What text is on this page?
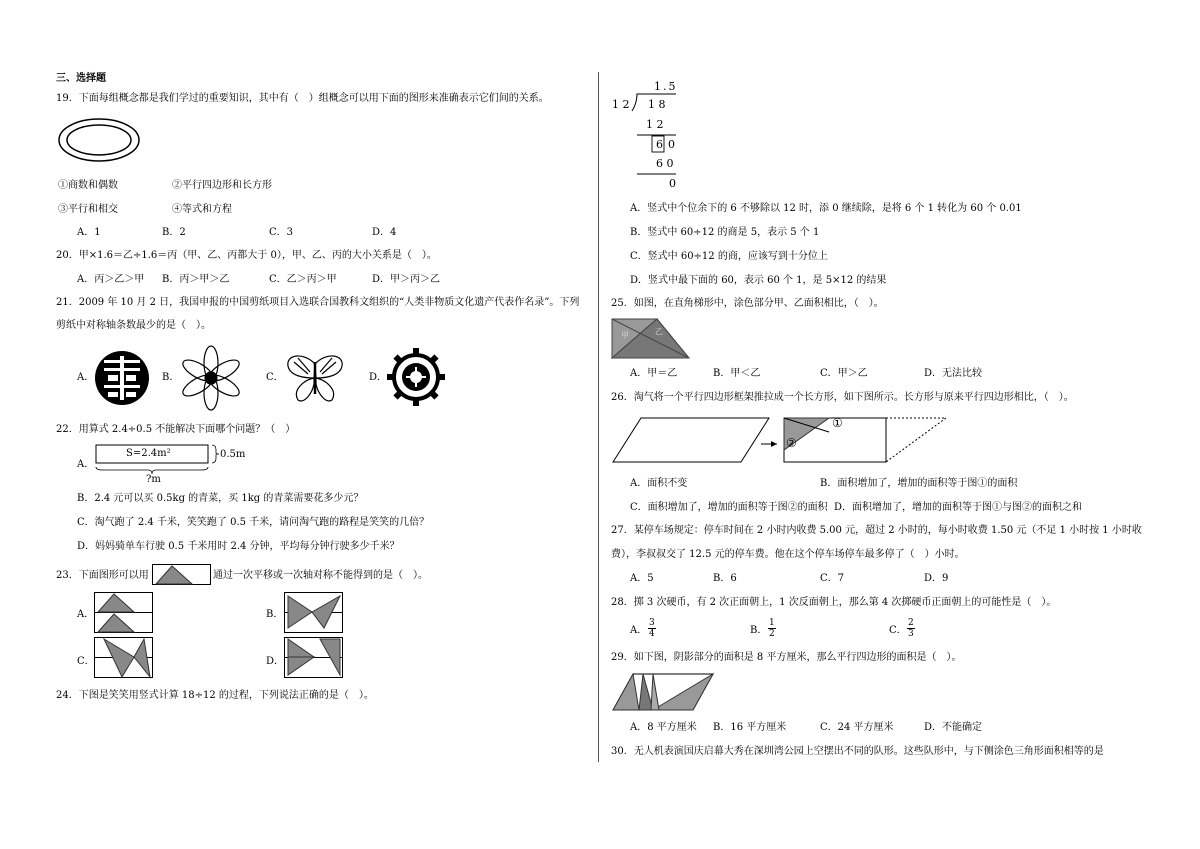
三、选择题
19．下面每组概念都是我们学过的重要知识，其中有（　）组概念可以用下面的图形来准确表示它们间的关系。
①商数和偶数	②平行四边形和长方形
③平行和相交	④等式和方程
A．1	B．2	C．3	D．4
20．甲×1.6＝乙÷1.6＝丙（甲、乙、丙都大于 0），甲、乙、丙的大小关系是（　）。
A．丙＞乙＞甲 B．丙＞甲＞乙	C．乙＞丙＞甲	D．甲＞丙＞乙
21．2009 年 10 月 2 日，我国申报的中国剪纸项目入选联合国教科文组织的“人类非物质文化遗产代表作名录”。下列
剪纸中对称轴条数最少的是（　）。
A．	B．	C．	D．
22．用算式 2.4÷0.5 不能解决下面哪个问题？（　）
A．
S=2.4m²	0.5m
?m
B．2.4 元可以买 0.5kg 的青菜，买 1kg 的青菜需要花多少元？
C．淘气跑了 2.4 千米，笑笑跑了 0.5 千米，请问淘气跑的路程是笑笑的几倍？
D．妈妈骑单车行驶 0.5 千米用时 2.4 分钟，平均每分钟行驶多少千米？
23．下面图形可以用	通过一次平移或一次轴对称不能得到的是（　）。
A．	B．
C．	D．
24．下图是笑笑用竖式计算 18÷12 的过程，下列说法正确的是（　）。
1.5
1 2 1 8
1 2
6 0
6 0
0
A．竖式中个位余下的 6 不够除以 12 时，添 0 继续除，是将 6 个 1 转化为 60 个 0.01
B．竖式中 60÷12 的商是 5，表示 5 个 1
C．竖式中 60÷12 的商，应该写到十分位上
D．竖式中最下面的 60，表示 60 个 1，是 5×12 的结果
25．如图，在直角梯形中，涂色部分甲、乙面积相比，（　）。
甲	乙
A．甲＝乙	B．甲＜乙	C．甲＞乙	D．无法比较
26．淘气将一个平行四边形框架推拉成一个长方形，如下图所示。长方形与原来平行四边形相比，（　）。
①
②
A．面积不变	B．面积增加了，增加的面积等于图①的面积
C．面积增加了，增加的面积等于图②的面积 D．面积增加了，增加的面积等于图①与图②的面积之和
27．某停车场规定：停车时间在 2 小时内收费 5.00 元，超过 2 小时的，每小时收费 1.50 元（不足 1 小时按 1 小时收
费），李叔叔交了 12.5 元的停车费。他在这个停车场停车最多停了（　）小时。
A．5	B．6	C．7	D．9
28．掷 3 次硬币，有 2 次正面朝上，1 次反面朝上，那么第 4 次掷硬币正面朝上的可能性是（　）。
A． $\frac{3}{4}$	B． $\frac{1}{2}$	C． $\frac{2}{3}$
29．如下图，阴影部分的面积是 8 平方厘米，那么平行四边形的面积是（　）。
A．8 平方厘米 B．16 平方厘米	C．24 平方厘米	D．不能确定
30．无人机表演国庆启幕大秀在深圳湾公园上空摆出不同的队形。这些队形中，与下侧涂色三角形面积相等的是
